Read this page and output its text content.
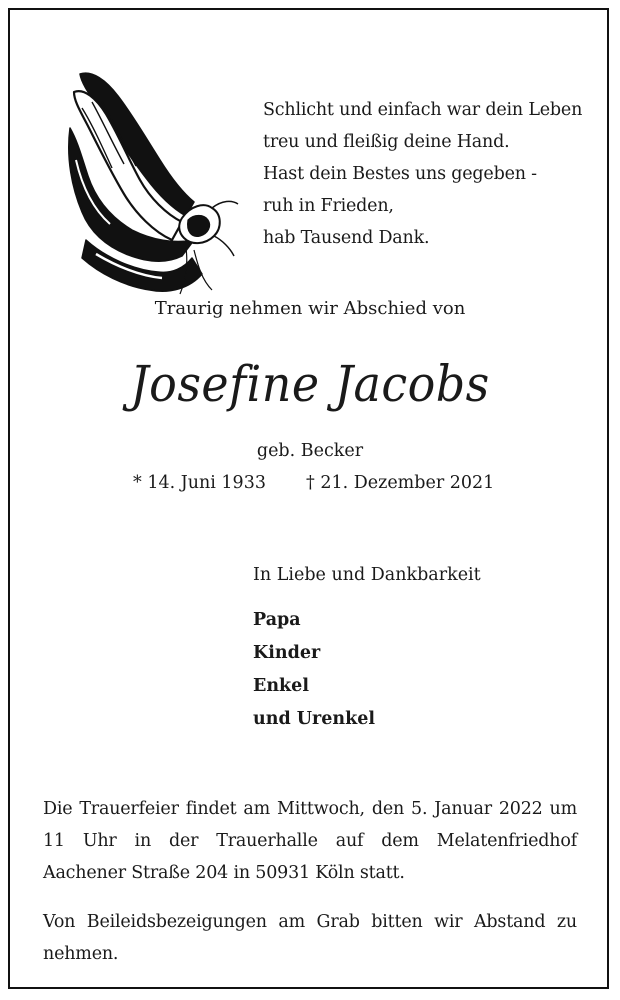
Schlicht und einfach war dein Leben
treu und fleißig deine Hand.
Hast dein Bestes uns gegeben -
ruh in Frieden,
hab Tausend Dank.
Traurig nehmen wir Abschied von
Josefine Jacobs
geb. Becker
* 14. Juni 1933 † 21. Dezember 2021
In Liebe und Dankbarkeit
Papa
Kinder
Enkel
und Urenkel
Die Trauerfeier findet am Mittwoch, den 5. Januar 2022 um 11 Uhr in der Trauerhalle auf dem Melatenfriedhof Aachener Straße 204 in 50931 Köln statt.
Von Beileidsbezeigungen am Grab bitten wir Abstand zu nehmen.
